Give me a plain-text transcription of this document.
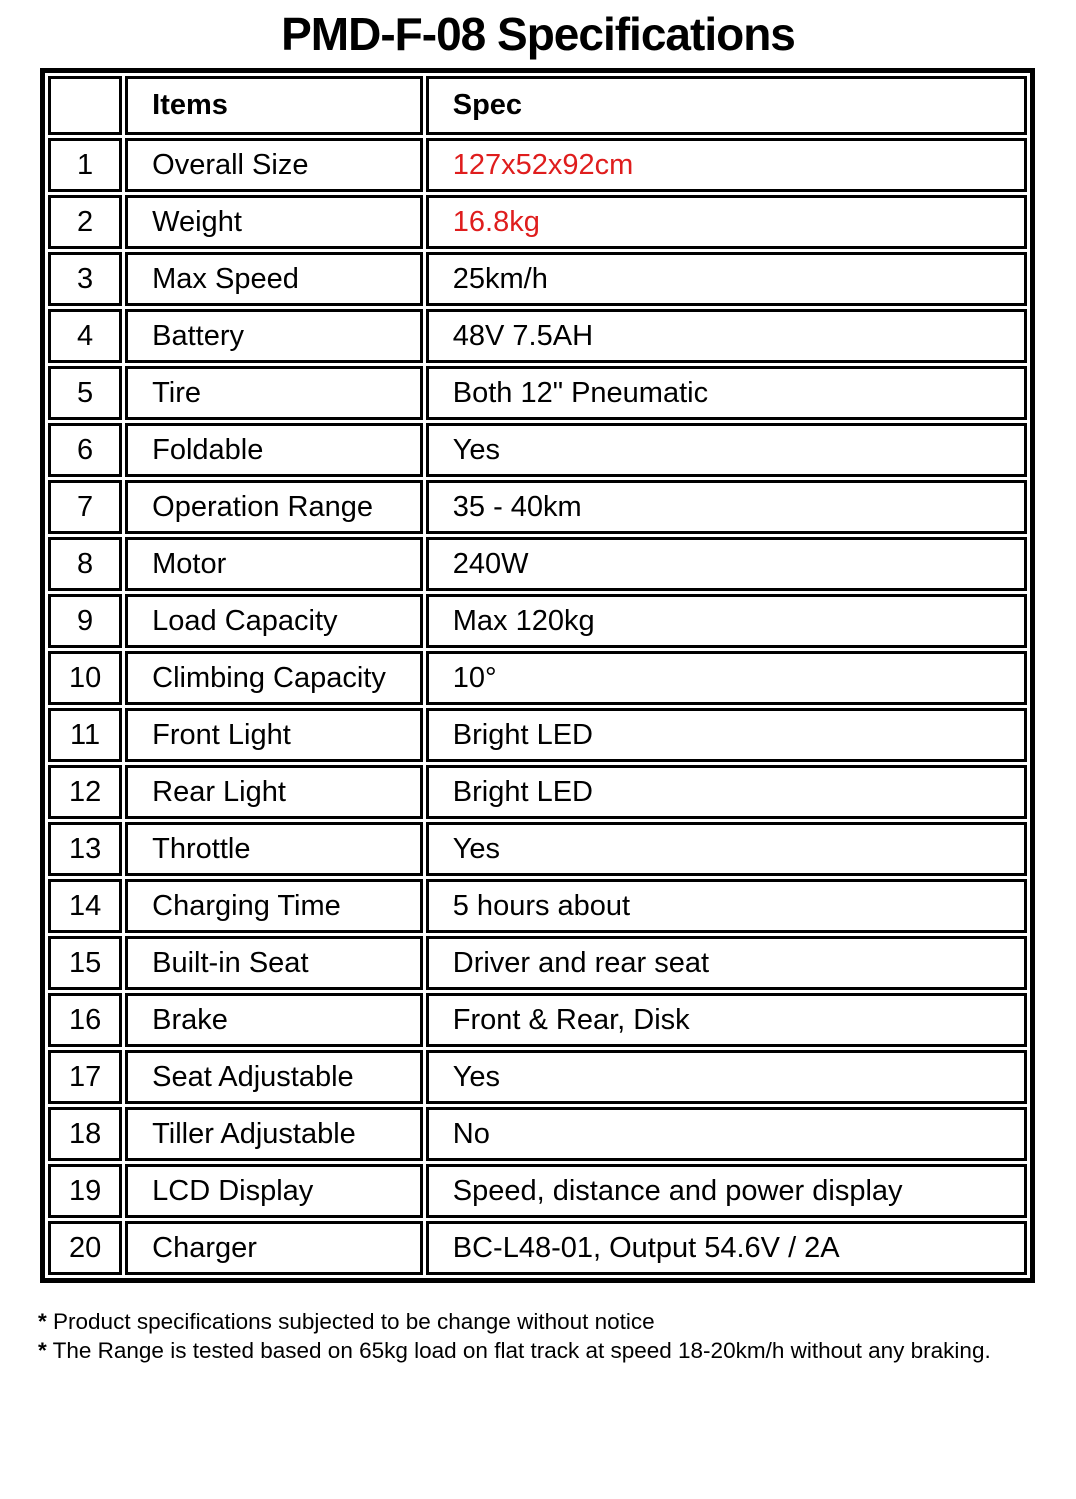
PMD-F-08 Specifications
	Items	Spec
1	Overall Size	127x52x92cm
2	Weight	16.8kg
3	Max Speed	25km/h
4	Battery	48V 7.5AH
5	Tire	Both 12" Pneumatic
6	Foldable	Yes
7	Operation Range	35 - 40km
8	Motor	240W
9	Load Capacity	Max 120kg
10	Climbing Capacity	10°
11	Front Light	Bright LED
12	Rear Light	Bright LED
13	Throttle	Yes
14	Charging Time	5 hours about
15	Built-in Seat	Driver and rear seat
16	Brake	Front & Rear, Disk
17	Seat Adjustable	Yes
18	Tiller Adjustable	No
19	LCD Display	Speed, distance and power display
20	Charger	BC-L48-01, Output 54.6V / 2A
* Product specifications subjected to be change without notice
* The Range is tested based on 65kg load on flat track at speed 18-20km/h without any braking.
